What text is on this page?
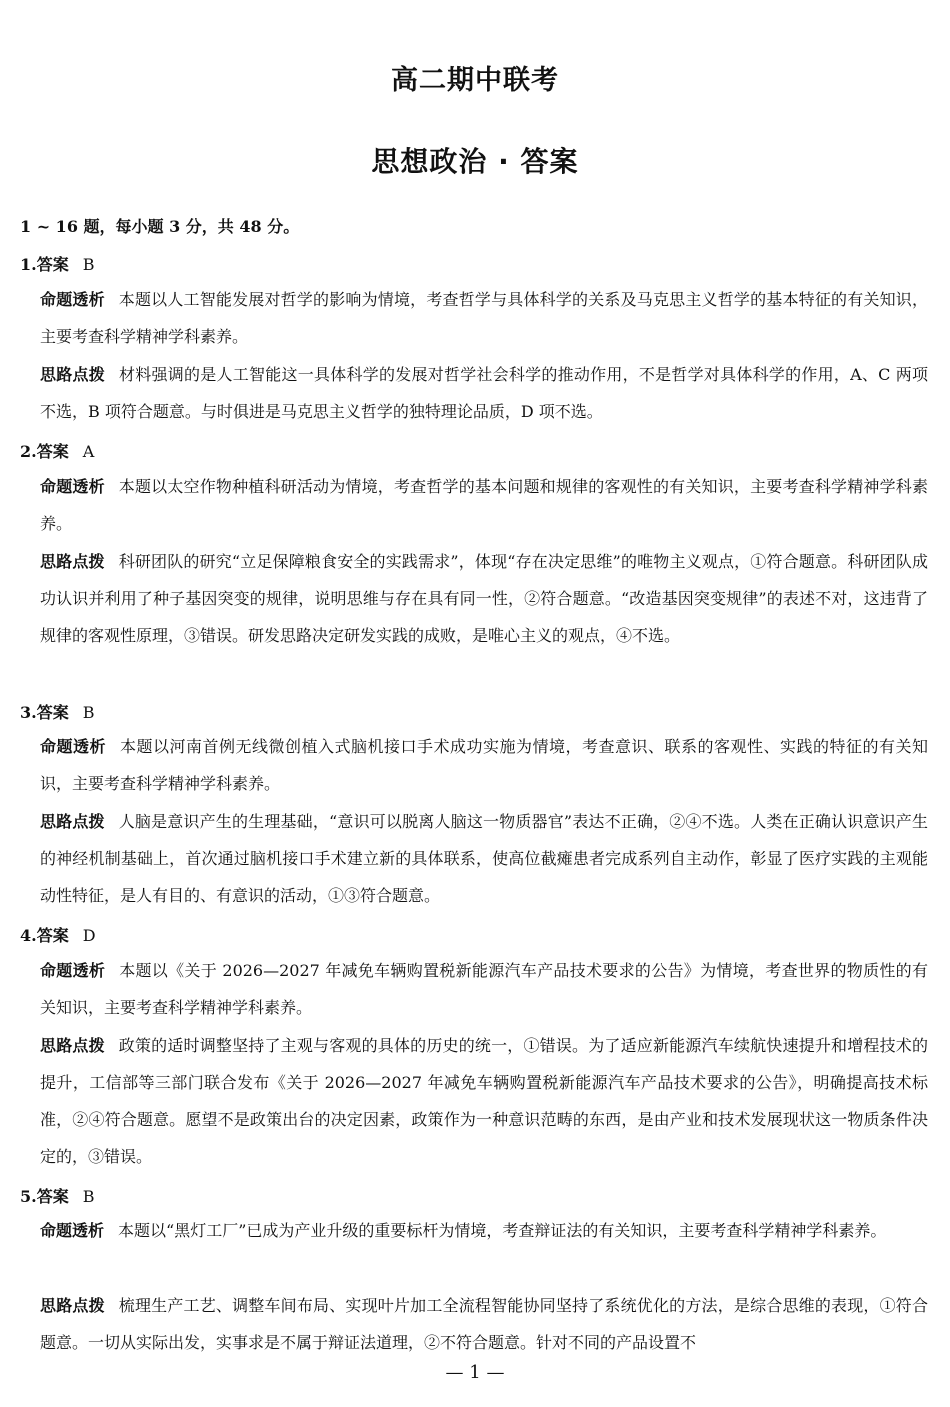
高二期中联考
思想政治 · 答案
1 ~ 16 题，每小题 3 分，共 48 分。
1.答案 B
命题透析 本题以人工智能发展对哲学的影响为情境，考查哲学与具体科学的关系及马克思主义哲学的基本特征的有关知识，主要考查科学精神学科素养。
思路点拨 材料强调的是人工智能这一具体科学的发展对哲学社会科学的推动作用，不是哲学对具体科学的作用，A、C 两项不选，B 项符合题意。与时俱进是马克思主义哲学的独特理论品质，D 项不选。
2.答案 A
命题透析 本题以太空作物种植科研活动为情境，考查哲学的基本问题和规律的客观性的有关知识，主要考查科学精神学科素养。
思路点拨 科研团队的研究“立足保障粮食安全的实践需求”，体现“存在决定思维”的唯物主义观点，①符合题意。科研团队成功认识并利用了种子基因突变的规律，说明思维与存在具有同一性，②符合题意。“改造基因突变规律”的表述不对，这违背了规律的客观性原理，③错误。研发思路决定研发实践的成败，是唯心主义的观点，④不选。
3.答案 B
命题透析 本题以河南首例无线微创植入式脑机接口手术成功实施为情境，考查意识、联系的客观性、实践的特征的有关知识，主要考查科学精神学科素养。
思路点拨 人脑是意识产生的生理基础，“意识可以脱离人脑这一物质器官”表达不正确，②④不选。人类在正确认识意识产生的神经机制基础上，首次通过脑机接口手术建立新的具体联系，使高位截瘫患者完成系列自主动作，彰显了医疗实践的主观能动性特征，是人有目的、有意识的活动，①③符合题意。
4.答案 D
命题透析 本题以《关于 2026—2027 年减免车辆购置税新能源汽车产品技术要求的公告》为情境，考查世界的物质性的有关知识，主要考查科学精神学科素养。
思路点拨 政策的适时调整坚持了主观与客观的具体的历史的统一，①错误。为了适应新能源汽车续航快速提升和增程技术的提升，工信部等三部门联合发布《关于 2026—2027 年减免车辆购置税新能源汽车产品技术要求的公告》，明确提高技术标准，②④符合题意。愿望不是政策出台的决定因素，政策作为一种意识范畴的东西，是由产业和技术发展现状这一物质条件决定的，③错误。
5.答案 B
命题透析 本题以“黑灯工厂”已成为产业升级的重要标杆为情境，考查辩证法的有关知识，主要考查科学精神学科素养。
思路点拨 梳理生产工艺、调整车间布局、实现叶片加工全流程智能协同坚持了系统优化的方法，是综合思维的表现，①符合题意。一切从实际出发，实事求是不属于辩证法道理，②不符合题意。针对不同的产品设置不
— 1 —
